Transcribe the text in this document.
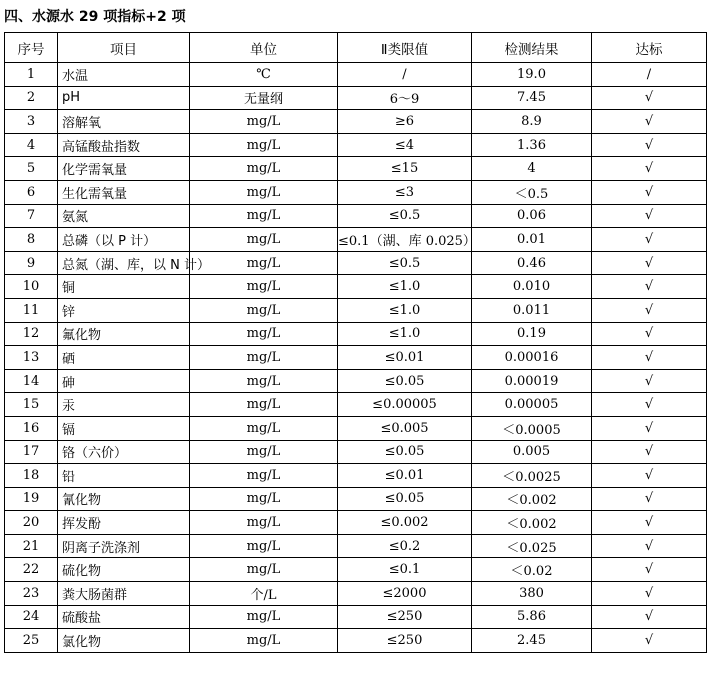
四、水源水 29 项指标+2 项
序号	项目	单位	Ⅱ类限值	检测结果	达标
1	水温	℃	/	19.0	/
2	pH	无量纲	6～9	7.45	√
3	溶解氧	mg/L	≥6	8.9	√
4	高锰酸盐指数	mg/L	≤4	1.36	√
5	化学需氧量	mg/L	≤15	4	√
6	生化需氧量	mg/L	≤3	＜0.5	√
7	氨氮	mg/L	≤0.5	0.06	√
8	总磷（以 P 计）	mg/L	≤0.1（湖、库 0.025）	0.01	√
9	总氮（湖、库，以 N 计）	mg/L	≤0.5	0.46	√
10	铜	mg/L	≤1.0	0.010	√
11	锌	mg/L	≤1.0	0.011	√
12	氟化物	mg/L	≤1.0	0.19	√
13	硒	mg/L	≤0.01	0.00016	√
14	砷	mg/L	≤0.05	0.00019	√
15	汞	mg/L	≤0.00005	0.00005	√
16	镉	mg/L	≤0.005	＜0.0005	√
17	铬（六价）	mg/L	≤0.05	0.005	√
18	铅	mg/L	≤0.01	＜0.0025	√
19	氰化物	mg/L	≤0.05	＜0.002	√
20	挥发酚	mg/L	≤0.002	＜0.002	√
21	阴离子洗涤剂	mg/L	≤0.2	＜0.025	√
22	硫化物	mg/L	≤0.1	＜0.02	√
23	粪大肠菌群	个/L	≤2000	380	√
24	硫酸盐	mg/L	≤250	5.86	√
25	氯化物	mg/L	≤250	2.45	√
